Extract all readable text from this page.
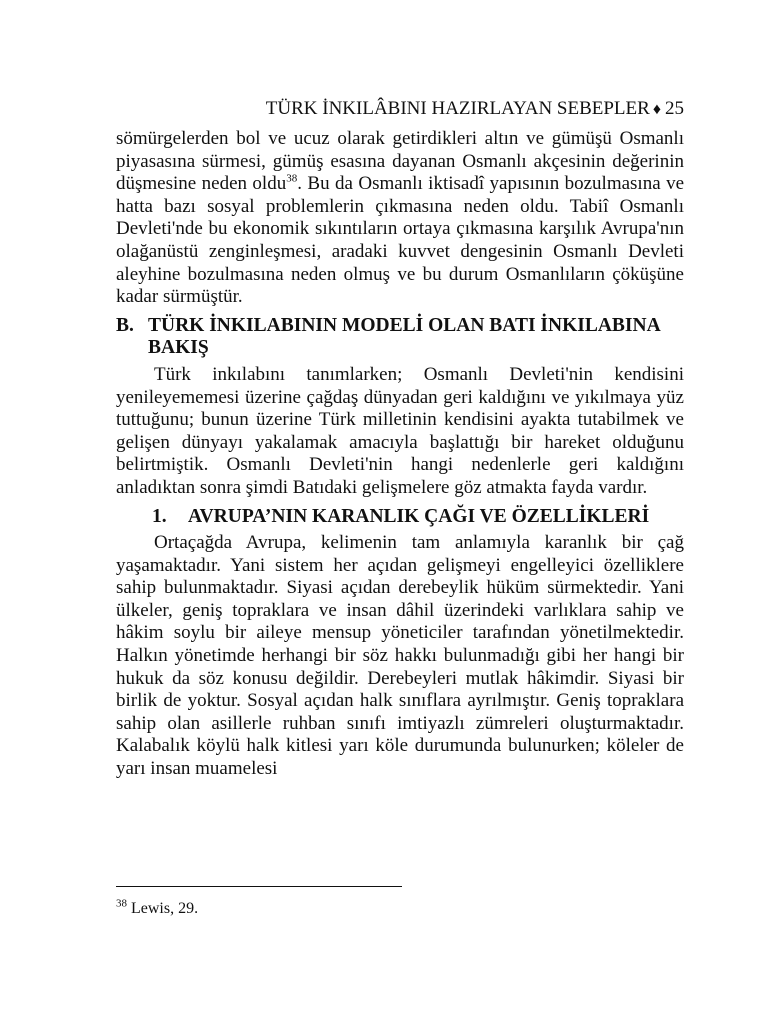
TÜRK İNKILÂBINI HAZIRLAYAN SEBEPLER ♦ 25

sömürgelerden bol ve ucuz olarak getirdikleri altın ve gümüşü Osmanlı piyasasına sürmesi, gümüş esasına dayanan Osmanlı akçesinin değerinin düşmesine neden oldu$^{38}$. Bu da Osmanlı iktisadî yapısının bozulmasına ve hatta bazı sosyal problemlerin çıkmasına neden oldu. Tabiî Osmanlı Devleti'nde bu ekonomik sıkıntıların ortaya çıkmasına karşılık Avrupa'nın olağanüstü zenginleşmesi, aradaki kuvvet dengesinin Osmanlı Devleti aleyhine bozulmasına neden olmuş ve bu durum Osmanlıların çöküşüne kadar sürmüştür.

B. TÜRK İNKILABININ MODELİ OLAN BATI İNKILABINA BAKIŞ

Türk inkılabını tanımlarken; Osmanlı Devleti'nin kendisini yenileyememesi üzerine çağdaş dünyadan geri kaldığını ve yıkılmaya yüz tuttuğunu; bunun üzerine Türk milletinin kendisini ayakta tutabilmek ve gelişen dünyayı yakalamak amacıyla başlattığı bir hareket olduğunu belirtmiştik. Osmanlı Devleti'nin hangi nedenlerle geri kaldığını anladıktan sonra şimdi Batıdaki gelişmelere göz atmakta fayda vardır.

1.	AVRUPA’NIN KARANLIK ÇAĞI VE ÖZELLİKLERİ

Ortaçağda Avrupa, kelimenin tam anlamıyla karanlık bir çağ yaşamaktadır. Yani sistem her açıdan gelişmeyi engelleyici özelliklere sahip bulunmaktadır. Siyasi açıdan derebeylik hüküm sürmektedir. Yani ülkeler, geniş topraklara ve insan dâhil üzerindeki varlıklara sahip ve hâkim soylu bir aileye mensup yöneticiler tarafından yönetilmektedir. Halkın yönetimde herhangi bir söz hakkı bulunmadığı gibi her hangi bir hukuk da söz konusu değildir. Derebeyleri mutlak hâkimdir. Siyasi bir birlik de yoktur. Sosyal açıdan halk sınıflara ayrılmıştır. Geniş topraklara sahip olan asillerle ruhban sınıfı imtiyazlı zümreleri oluşturmaktadır. Kalabalık köylü halk kitlesi yarı köle durumunda bulunurken; köleler de yarı insan muamelesi

$^{38}$ Lewis, 29.
